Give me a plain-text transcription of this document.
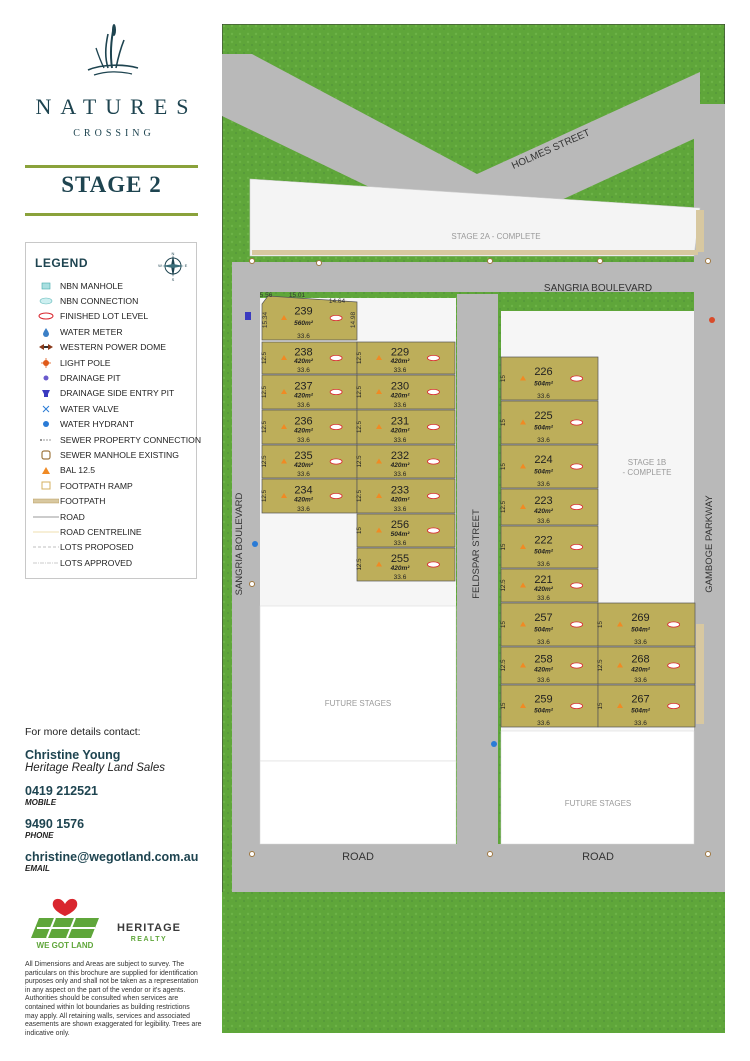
NATURES
CROSSING
STAGE 2
LEGEND
N
E
S
W
NBN MANHOLE
NBN CONNECTION
FINISHED LOT LEVEL
WATER METER
WESTERN POWER DOME
LIGHT POLE
DRAINAGE PIT
DRAINAGE SIDE ENTRY PIT
WATER VALVE
WATER HYDRANT
SEWER PROPERTY CONNECTION
SEWER MANHOLE EXISTING
BAL 12.5
FOOTPATH RAMP
FOOTPATH
ROAD
ROAD CENTRELINE
LOTS PROPOSED
LOTS APPROVED
For more details contact:
Christine Young
Heritage Realty Land Sales
0419 212521
MOBILE
9490 1576
PHONE
christine@wegotland.com.au
EMAIL
WE GOT LAND
HERITAGE
REALTY
All Dimensions and Areas are subject to survey. The particulars on this brochure are supplied for identification purposes only and shall not be taken as a representation in any aspect on the part of the vendor or it's agents. Authorities should be consulted when services are contained within lot boundaries as building restrictions may apply. All retaining walls, services and associated easements are shown exaggerated for legibility. Trees are indicative only.
239
560m²
33.6
238
420m²
33.6
12.5
237
420m²
33.6
12.5
236
420m²
33.6
12.5
235
420m²
33.6
12.5
234
420m²
33.6
12.5
229
420m²
33.6
12.5
230
420m²
33.6
12.5
231
420m²
33.6
12.5
232
420m²
33.6
12.5
233
420m²
33.6
12.5
256
504m²
33.6
15
255
420m²
33.6
12.5
226
504m²
33.6
15
225
504m²
33.6
15
224
504m²
33.6
15
223
420m²
33.6
12.5
222
504m²
33.6
15
221
420m²
33.6
12.5
257
504m²
33.6
15
258
420m²
33.6
12.5
259
504m²
33.6
15
269
504m²
33.6
15
268
420m²
33.6
12.5
267
504m²
33.6
15
HOLMES STREET
SANGRIA BOULEVARD
SANGRIA BOULEVARD	FELDSPAR STREET	GAMBOGE PARKWAY
ROAD	ROAD
STAGE 2A - COMPLETE
STAGE 1B
- COMPLETE
FUTURE STAGES
FUTURE STAGES
15.01
14.64
5.56
15.34	14.98
